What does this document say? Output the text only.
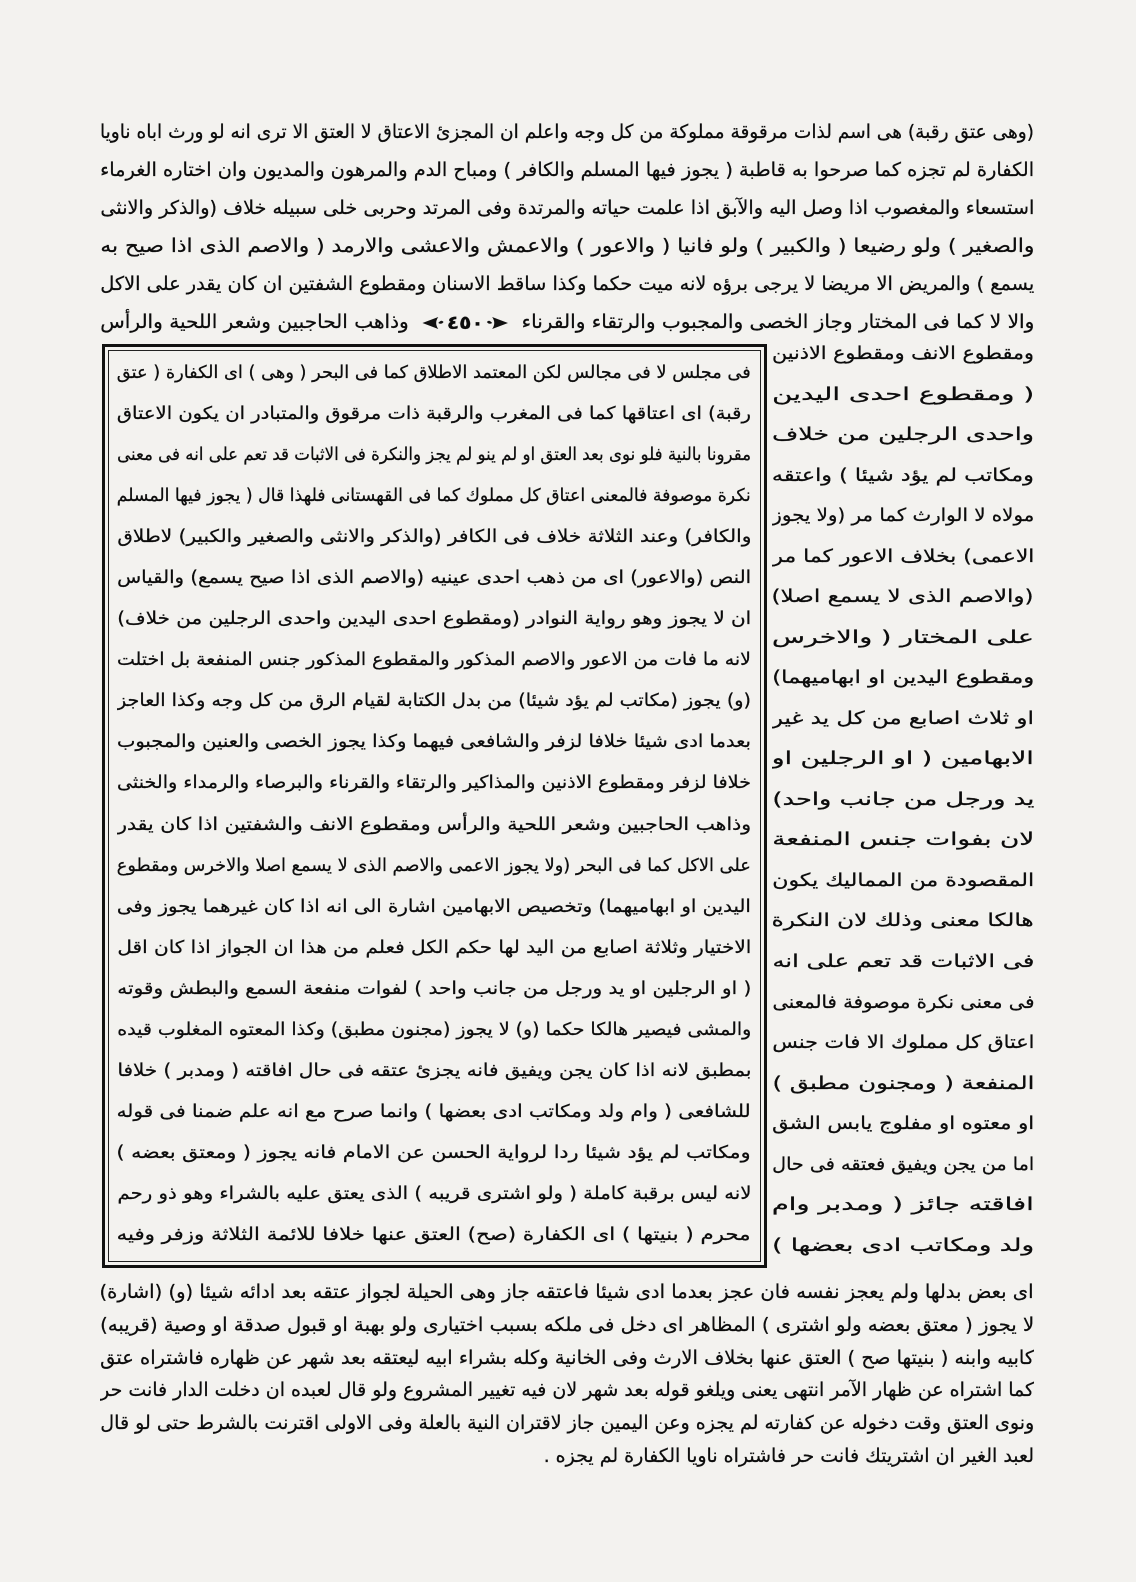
(وهى عتق رقبة) هى اسم لذات مرقوقة مملوكة من كل وجه واعلم ان المجزئ الاعتاق لا العتق الا ترى انه لو ورث اباه ناويا
الكفارة لم تجزه كما صرحوا به قاطبة ( يجوز فيها المسلم والكافر ) ومباح الدم والمرهون والمديون وان اختاره الغرماء
استسعاء والمغصوب اذا وصل اليه والآبق اذا علمت حياته والمرتدة وفى المرتد وحربى خلى سبيله خلاف (والذكر والانثى
والصغير ) ولو رضيعا ( والكبير ) ولو فانيا ( والاعور ) والاعمش والاعشى والارمد ( والاصم الذى اذا صيح به
يسمع ) والمريض الا مريضا لا يرجى برؤه لانه ميت حكما وكذا ساقط الاسنان ومقطوع الشفتين ان كان يقدر على الاكل
والا لا كما فى المختار وجاز الخصى والمجبوب والرتقاء والقرناء
٤٥٠
وذاهب الحاجبين وشعر اللحية والرأس
ومقطوع الانف ومقطوع الاذنين
( ومقطوع احدى اليدين
واحدى الرجلين من خلاف
ومكاتب لم يؤد شيئا ) واعتقه
مولاه لا الوارث كما مر (ولا يجوز
الاعمى) بخلاف الاعور كما مر
(والاصم الذى لا يسمع اصلا)
على المختار ( والاخرس
ومقطوع اليدين او ابهاميهما)
او ثلاث اصابع من كل يد غير
الابهامين ( او الرجلين او
يد ورجل من جانب واحد)
لان بفوات جنس المنفعة
المقصودة من المماليك يكون
هالكا معنى وذلك لان النكرة
فى الاثبات قد تعم على انه
فى معنى نكرة موصوفة فالمعنى
اعتاق كل مملوك الا فات جنس
المنفعة ( ومجنون مطبق )
او معتوه او مفلوج يابس الشق
اما من يجن ويفيق فعتقه فى حال
افاقته جائز ( ومدبر وام
ولد ومكاتب ادى بعضها )
فى مجلس لا فى مجالس لكن المعتمد الاطلاق كما فى البحر ( وهى ) اى الكفارة ( عتق
رقبة) اى اعتاقها كما فى المغرب والرقبة ذات مرقوق والمتبادر ان يكون الاعتاق
مقرونا بالنية فلو نوى بعد العتق او لم ينو لم يجز والنكرة فى الاثبات قد تعم على انه فى معنى
نكرة موصوفة فالمعنى اعتاق كل مملوك كما فى القهستانى فلهذا قال ( يجوز فيها المسلم
والكافر) وعند الثلاثة خلاف فى الكافر (والذكر والانثى والصغير والكبير) لاطلاق
النص (والاعور) اى من ذهب احدى عينيه (والاصم الذى اذا صيح يسمع) والقياس
ان لا يجوز وهو رواية النوادر (ومقطوع احدى اليدين واحدى الرجلين من خلاف)
لانه ما فات من الاعور والاصم المذكور والمقطوع المذكور جنس المنفعة بل اختلت
(و) يجوز (مكاتب لم يؤد شيئا) من بدل الكتابة لقيام الرق من كل وجه وكذا العاجز
بعدما ادى شيئا خلافا لزفر والشافعى فيهما وكذا يجوز الخصى والعنين والمجبوب
خلافا لزفر ومقطوع الاذنين والمذاكير والرتقاء والقرناء والبرصاء والرمداء والخنثى
وذاهب الحاجبين وشعر اللحية والرأس ومقطوع الانف والشفتين اذا كان يقدر
على الاكل كما فى البحر (ولا يجوز الاعمى والاصم الذى لا يسمع اصلا والاخرس ومقطوع
اليدين او ابهاميهما) وتخصيص الابهامين اشارة الى انه اذا كان غيرهما يجوز وفى
الاختيار وثلاثة اصابع من اليد لها حكم الكل فعلم من هذا ان الجواز اذا كان اقل
( او الرجلين او يد ورجل من جانب واحد ) لفوات منفعة السمع والبطش وقوته
والمشى فيصير هالكا حكما (و) لا يجوز (مجنون مطبق) وكذا المعتوه المغلوب قيده
بمطبق لانه اذا كان يجن ويفيق فانه يجزئ عتقه فى حال افاقته ( ومدبر ) خلافا
للشافعى ( وام ولد ومكاتب ادى بعضها ) وانما صرح مع انه علم ضمنا فى قوله
ومكاتب لم يؤد شيئا ردا لرواية الحسن عن الامام فانه يجوز ( ومعتق بعضه )
لانه ليس برقبة كاملة ( ولو اشترى قريبه ) الذى يعتق عليه بالشراء وهو ذو رحم
محرم ( بنيتها ) اى الكفارة (صح) العتق عنها خلافا للائمة الثلاثة وزفر وفيه
اى بعض بدلها ولم يعجز نفسه فان عجز بعدما ادى شيئا فاعتقه جاز وهى الحيلة لجواز عتقه بعد ادائه شيئا (و) (اشارة)
لا يجوز ( معتق بعضه ولو اشترى ) المظاهر اى دخل فى ملكه بسبب اختيارى ولو بهبة او قبول صدقة او وصية (قريبه)
كابيه وابنه ( بنيتها صح ) العتق عنها بخلاف الارث وفى الخانية وكله بشراء ابيه ليعتقه بعد شهر عن ظهاره فاشتراه عتق
كما اشتراه عن ظهار الآمر انتهى يعنى ويلغو قوله بعد شهر لان فيه تغيير المشروع ولو قال لعبده ان دخلت الدار فانت حر
ونوى العتق وقت دخوله عن كفارته لم يجزه وعن اليمين جاز لاقتران النية بالعلة وفى الاولى اقترنت بالشرط حتى لو قال
لعبد الغير ان اشتريتك فانت حر فاشتراه ناويا الكفارة لم يجزه .
